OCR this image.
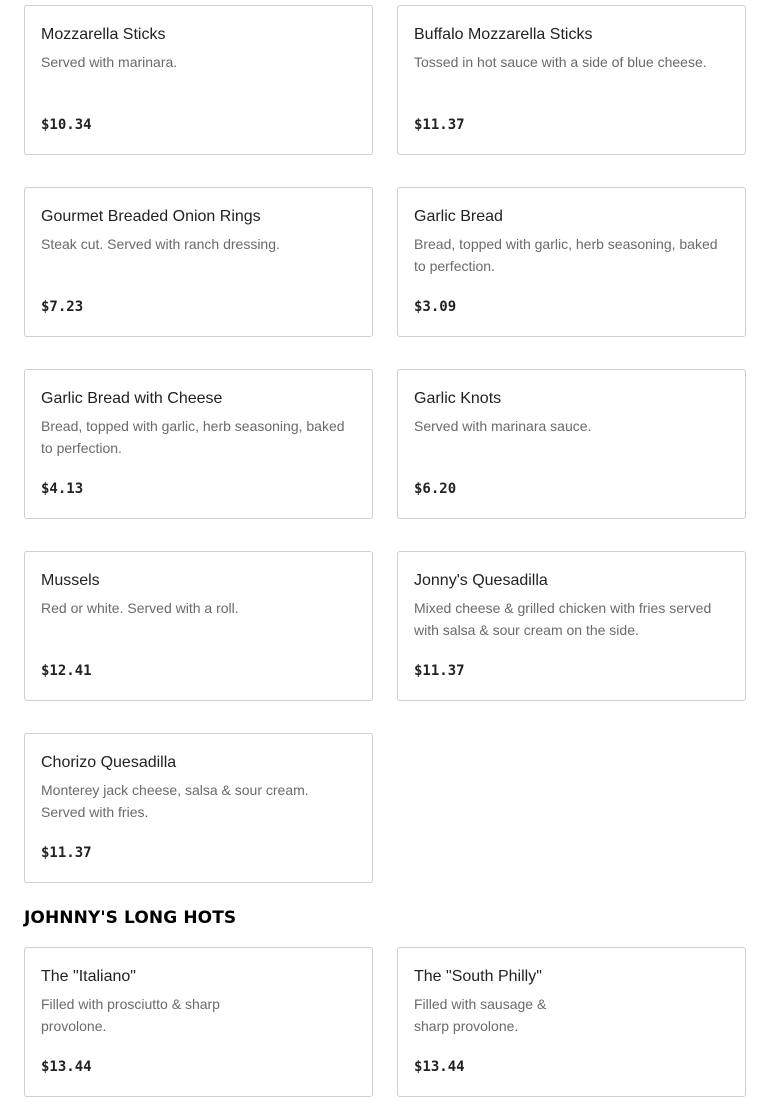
Mozzarella Sticks
Served with marinara.
$10.34
Buffalo Mozzarella Sticks
Tossed in hot sauce with a side of blue cheese.
$11.37
Gourmet Breaded Onion Rings
Steak cut. Served with ranch dressing.
$7.23
Garlic Bread
Bread, topped with garlic, herb seasoning, baked to perfection.
$3.09
Garlic Bread with Cheese
Bread, topped with garlic, herb seasoning, baked to perfection.
$4.13
Garlic Knots
Served with marinara sauce.
$6.20
Mussels
Red or white. Served with a roll.
$12.41
Jonny's Quesadilla
Mixed cheese & grilled chicken with fries served with salsa & sour cream on the side.
$11.37
Chorizo Quesadilla
Monterey jack cheese, salsa & sour cream. Served with fries.
$11.37
JOHNNY'S LONG HOTS
The "Italiano"
Filled with prosciutto & sharp provolone.
$13.44
The "South Philly"
Filled with sausage & sharp provolone.
$13.44
